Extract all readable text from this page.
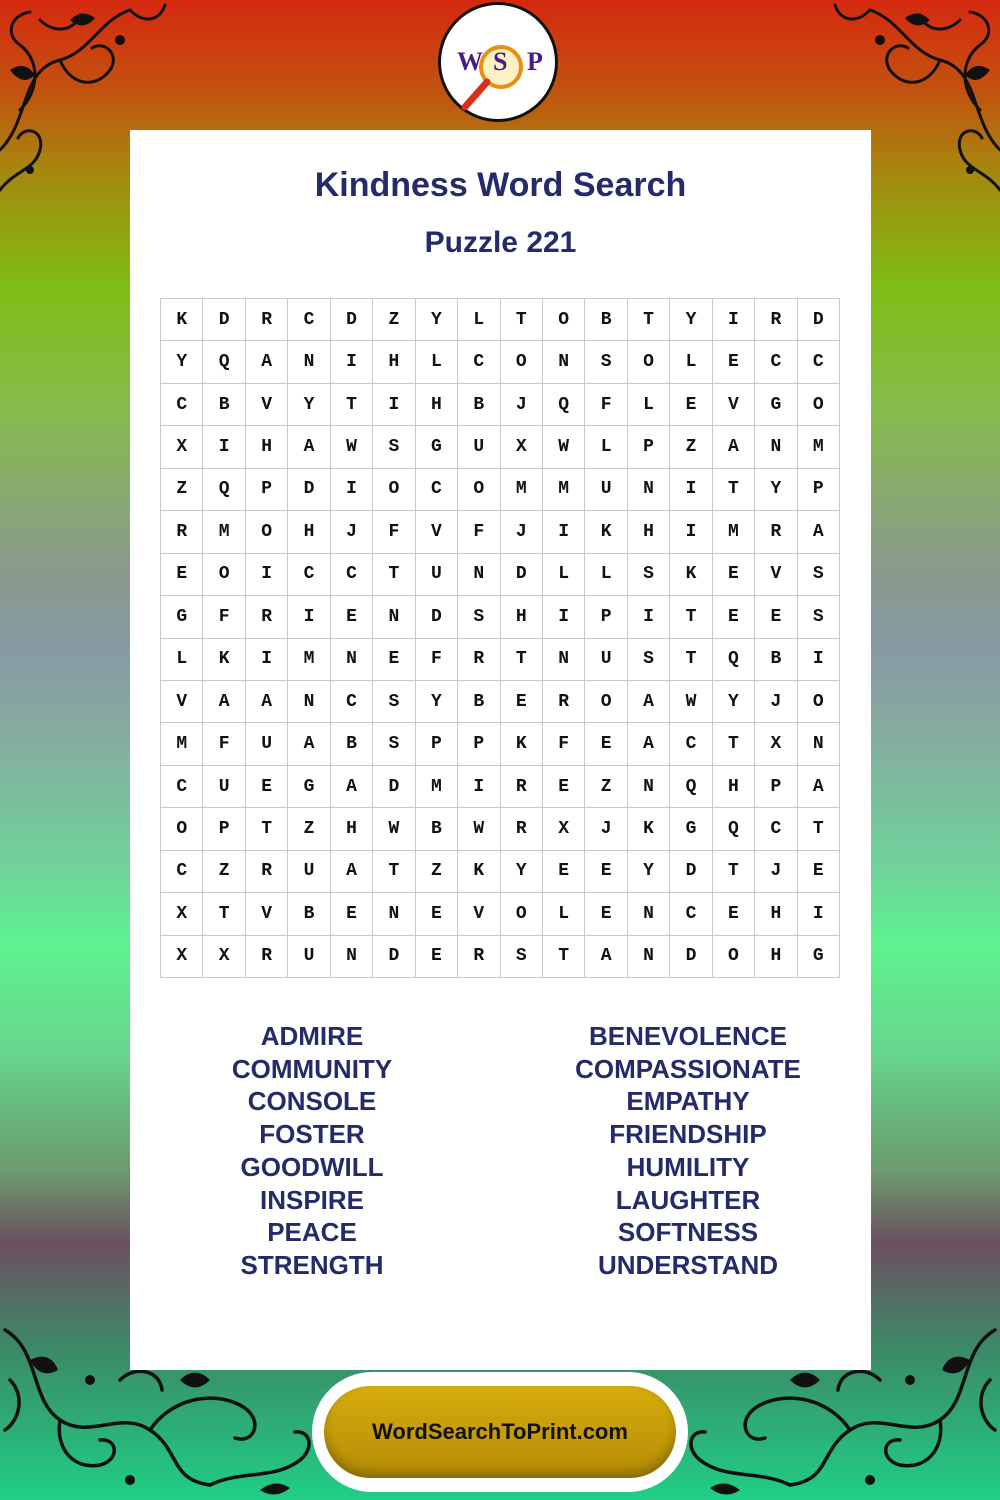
W S P
Kindness Word Search
Puzzle 221
K	D	R	C	D	Z	Y	L	T	O	B	T	Y	I	R	D
Y	Q	A	N	I	H	L	C	O	N	S	O	L	E	C	C
C	B	V	Y	T	I	H	B	J	Q	F	L	E	V	G	O
X	I	H	A	W	S	G	U	X	W	L	P	Z	A	N	M
Z	Q	P	D	I	O	C	O	M	M	U	N	I	T	Y	P
R	M	O	H	J	F	V	F	J	I	K	H	I	M	R	A
E	O	I	C	C	T	U	N	D	L	L	S	K	E	V	S
G	F	R	I	E	N	D	S	H	I	P	I	T	E	E	S
L	K	I	M	N	E	F	R	T	N	U	S	T	Q	B	I
V	A	A	N	C	S	Y	B	E	R	O	A	W	Y	J	O
M	F	U	A	B	S	P	P	K	F	E	A	C	T	X	N
C	U	E	G	A	D	M	I	R	E	Z	N	Q	H	P	A
O	P	T	Z	H	W	B	W	R	X	J	K	G	Q	C	T
C	Z	R	U	A	T	Z	K	Y	E	E	Y	D	T	J	E
X	T	V	B	E	N	E	V	O	L	E	N	C	E	H	I
X	X	R	U	N	D	E	R	S	T	A	N	D	O	H	G
ADMIRE
COMMUNITY
CONSOLE
FOSTER
GOODWILL
INSPIRE
PEACE
STRENGTH
BENEVOLENCE
COMPASSIONATE
EMPATHY
FRIENDSHIP
HUMILITY
LAUGHTER
SOFTNESS
UNDERSTAND
WordSearchToPrint.com
